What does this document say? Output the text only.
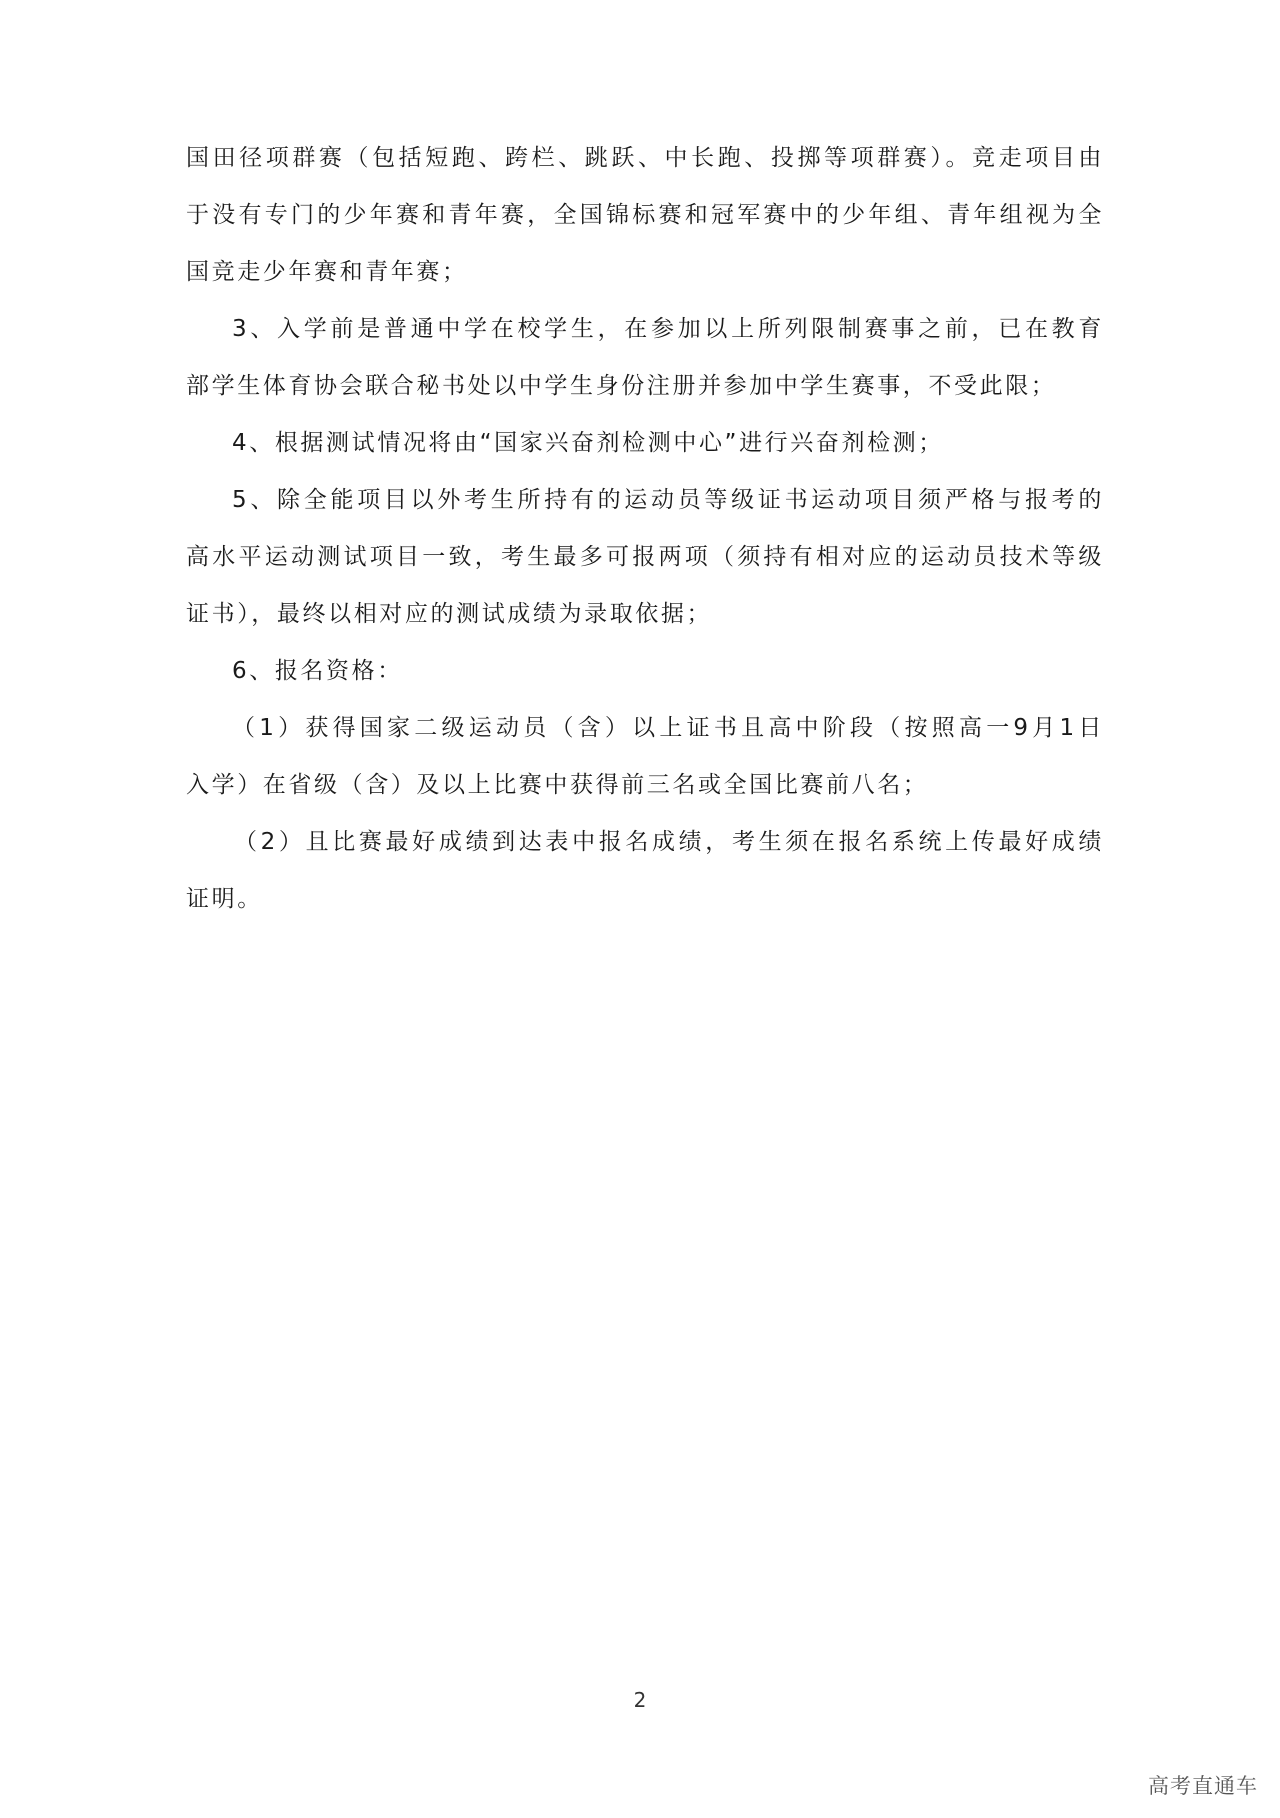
国田径项群赛（包括短跑、跨栏、跳跃、中长跑、投掷等项群赛）。竞走项目由

于没有专门的少年赛和青年赛，全国锦标赛和冠军赛中的少年组、青年组视为全

国竞走少年赛和青年赛；

3、入学前是普通中学在校学生，在参加以上所列限制赛事之前，已在教育

部学生体育协会联合秘书处以中学生身份注册并参加中学生赛事，不受此限；

4、根据测试情况将由“国家兴奋剂检测中心”进行兴奋剂检测；

5、除全能项目以外考生所持有的运动员等级证书运动项目须严格与报考的

高水平运动测试项目一致，考生最多可报两项（须持有相对应的运动员技术等级

证书），最终以相对应的测试成绩为录取依据；

6、报名资格：

（1）获得国家二级运动员（含）以上证书且高中阶段（按照高一9月1日

入学）在省级（含）及以上比赛中获得前三名或全国比赛前八名；

（2）且比赛最好成绩到达表中报名成绩，考生须在报名系统上传最好成绩

证明。

2
高考直通车
